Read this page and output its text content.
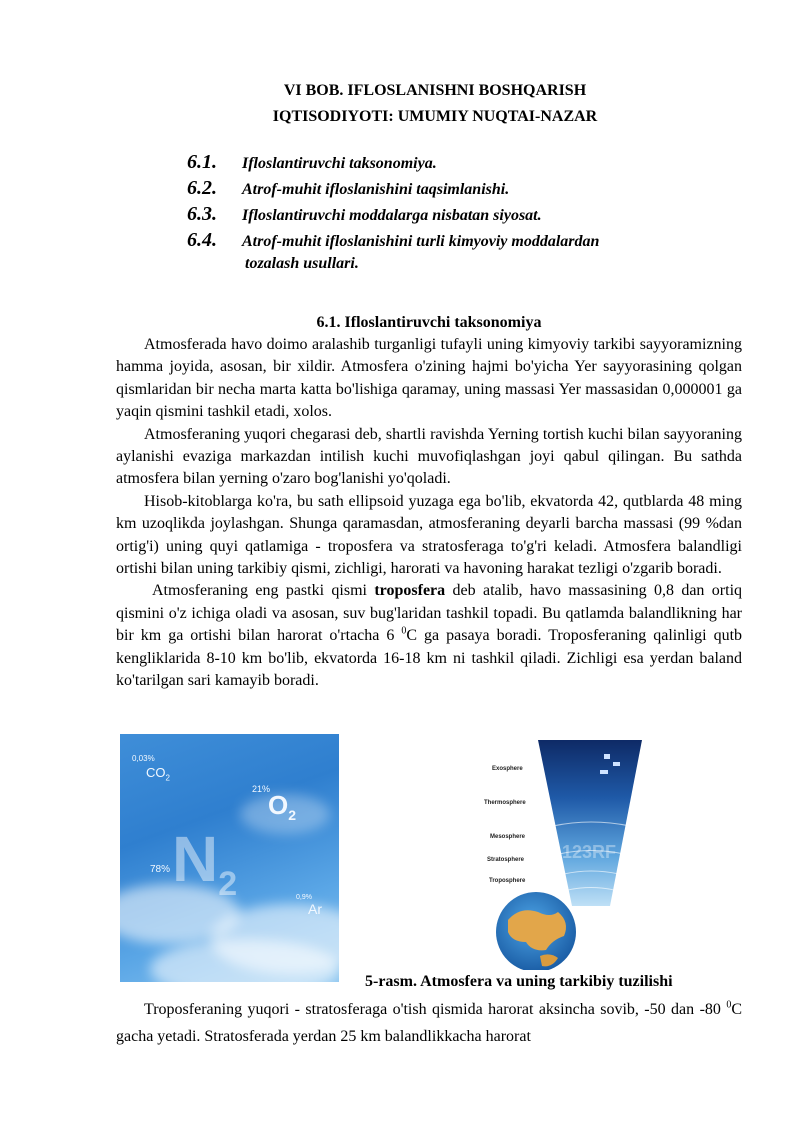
VI BOB. IFLOSLANISHNI BOSHQARISH
IQTISODIYOTI: UMUMIY NUQTAI-NAZAR
6.1.	Ifloslantiruvchi taksonomiya.
6.2.	Atrof-muhit ifloslanishini taqsimlanishi.
6.3.	Ifloslantiruvchi moddalarga nisbatan siyosat.
6.4.	Atrof-muhit ifloslanishini turli kimyoviy moddalardan
tozalash usullari.
6.1. Ifloslantiruvchi taksonomiya

Atmosferada havo doimo aralashib turganligi tufayli uning kimyoviy tarkibi sayyoramizning hamma joyida, asosan, bir xildir. Atmosfera o'zining hajmi bo'yicha Yer sayyorasining qolgan qismlaridan bir necha marta katta bo'lishiga qaramay, uning massasi Yer massasidan 0,000001 ga yaqin qismini tashkil etadi, xolos.

Atmosferaning yuqori chegarasi deb, shartli ravishda Yerning tortish kuchi bilan sayyoraning aylanishi evaziga markazdan intilish kuchi muvofiqlashgan joyi qabul qilingan. Bu sathda atmosfera bilan yerning o'zaro bog'lanishi yo'qoladi.

Hisob-kitoblarga ko'ra, bu sath ellipsoid yuzaga ega bo'lib, ekvatorda 42, qutblarda 48 ming km uzoqlikda joylashgan. Shunga qaramasdan, atmosferaning deyarli barcha massasi (99 %dan ortig'i) uning quyi qatlamiga - troposfera va stratosferaga to'g'ri keladi. Atmosfera balandligi ortishi bilan uning tarkibiy qismi, zichligi, harorati va havoning harakat tezligi o'zgarib boradi.

Atmosferaning eng pastki qismi troposfera deb atalib, havo massasining 0,8 dan ortiq qismini o'z ichiga oladi va asosan, suv bug'laridan tashkil topadi. Bu qatlamda balandlikning har bir km ga ortishi bilan harorat o'rtacha 6 $^0$C ga pasaya boradi. Troposferaning qalinligi qutb kengliklarida 8-10 km bo'lib, ekvatorda 16-18 km ni tashkil qiladi. Zichligi esa yerdan baland ko'tarilgan sari kamayib boradi.

0,03%
$CO_2$
21%
$O_2$
78% $N_2$	0,9%
Ar
Exosphere
Thermosphere
Mesosphere
Stratosphere
Troposphere
123RF
5-rasm. Atmosfera va uning tarkibiy tuzilishi

Troposferaning yuqori - stratosferaga o'tish qismida harorat aksincha sovib, -50 dan -80 $^0$C gacha yetadi. Stratosferada yerdan 25 km balandlikkacha harorat
